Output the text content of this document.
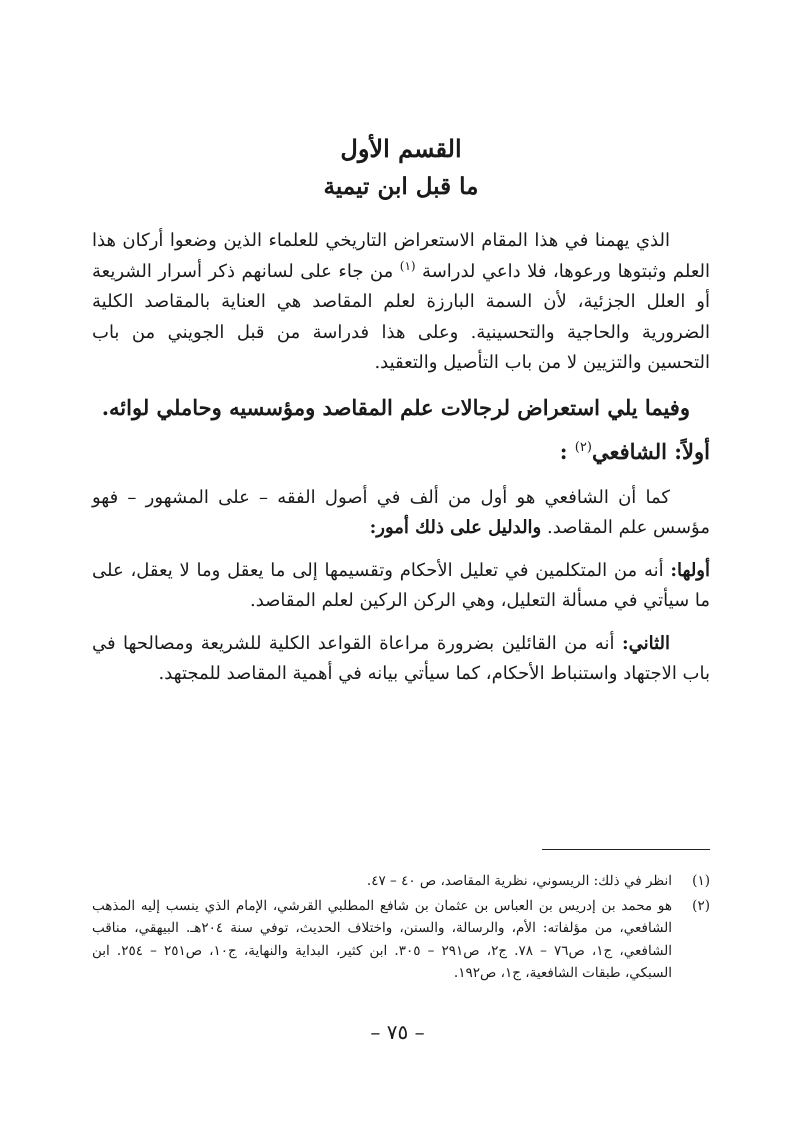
القسم الأول
ما قبل ابن تيمية

الذي يهمنا في هذا المقام الاستعراض التاريخي للعلماء الذين وضعوا أركان هذا العلم وثبتوها ورعوها، فلا داعي لدراسة $^{(١)}$ من جاء على لسانهم ذكر أسرار الشريعة أو العلل الجزئية، لأن السمة البارزة لعلم المقاصد هي العناية بالمقاصد الكلية الضرورية والحاجية والتحسينية. وعلى هذا فدراسة من قبل الجويني من باب التحسين والتزيين لا من باب التأصيل والتعقيد.

وفيما يلي استعراض لرجالات علم المقاصد ومؤسسيه وحاملي لوائه.

أولاً: الشافعي$^{(٢)}$ :

كما أن الشافعي هو أول من ألف في أصول الفقه – على المشهور – فهو مؤسس علم المقاصد. والدليل على ذلك أمور:

أولها: أنه من المتكلمين في تعليل الأحكام وتقسيمها إلى ما يعقل وما لا يعقل، على ما سيأتي في مسألة التعليل، وهي الركن الركين لعلم المقاصد.

الثاني: أنه من القائلين بضرورة مراعاة القواعد الكلية للشريعة ومصالحها في باب الاجتهاد واستنباط الأحكام، كما سيأتي بيانه في أهمية المقاصد للمجتهد.

(١)
انظر في ذلك: الريسوني، نظرية المقاصد، ص ٤٠ – ٤٧.
(٢)
هو محمد بن إدريس بن العباس بن عثمان بن شافع المطلبي القرشي، الإمام الذي ينسب إليه المذهب الشافعي، من مؤلفاته: الأم، والرسالة، والسنن، واختلاف الحديث، توفي سنة ٢٠٤هـ. البيهقي، مناقب الشافعي، ج١، ص٧٦ – ٧٨. ج٢، ص٢٩١ – ٣٠٥. ابن كثير، البداية والنهاية، ج١٠، ص٢٥١ – ٢٥٤. ابن السبكي، طبقات الشافعية، ج١، ص١٩٢.
– ٧٥ –
